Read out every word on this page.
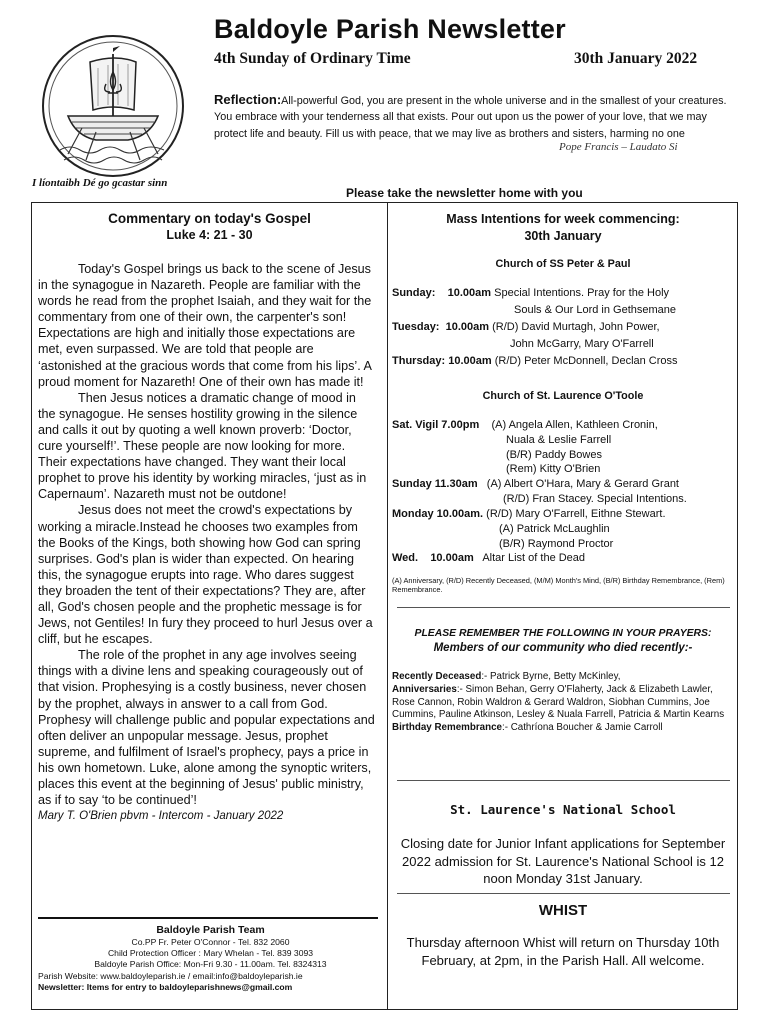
I líontaibh Dé go gcastar sinn
Baldoyle Parish Newsletter
4th Sunday of Ordinary Time	30th January 2022
Reflection:All-powerful God, you are present in the whole universe and in the smallest of your creatures. You embrace with your tenderness all that exists. Pour out upon us the power of your love, that we may protect life and beauty. Fill us with peace, that we may live as brothers and sisters, harming no one
Pope Francis – Laudato Si
Please take the newsletter home with you
Commentary on today's Gospel
Luke 4: 21 - 30

Today's Gospel brings us back to the scene of Jesus in the synagogue in Nazareth. People are familiar with the words he read from the prophet Isaiah, and they wait for the commentary from one of their own, the carpenter's son! Expectations are high and initially those expectations are met, even surpassed. We are told that people are ‘astonished at the gracious words that come from his lips’. A proud moment for Nazareth! One of their own has made it!

Then Jesus notices a dramatic change of mood in the synagogue. He senses hostility growing in the silence and calls it out by quoting a well known proverb: ‘Doctor, cure yourself!’. These people are now looking for more. Their expectations have changed. They want their local prophet to prove his identity by working miracles, ‘just as in Capernaum’. Nazareth must not be outdone!

Jesus does not meet the crowd's expectations by working a miracle.Instead he chooses two examples from the Books of the Kings, both showing how God can spring surprises. God's plan is wider than expected. On hearing this, the synagogue erupts into rage. Who dares suggest they broaden the tent of their expectations? They are, after all, God's chosen people and the prophetic message is for Jews, not Gentiles! In fury they proceed to hurl Jesus over a cliff, but he escapes.

The role of the prophet in any age involves seeing things with a divine lens and speaking courageously out of that vision. Prophesying is a costly business, never chosen by the prophet, always in answer to a call from God. Prophesy will challenge public and popular expectations and often deliver an unpopular message. Jesus, prophet supreme, and fulfilment of Israel's prophecy, pays a price in his own hometown. Luke, alone among the synoptic writers, places this event at the beginning of Jesus' public ministry, as if to say ‘to be continued’!

Mary T. O'Brien pbvm - Intercom - January 2022
Baldoyle Parish Team
Co.PP Fr. Peter O'Connor - Tel. 832 2060
Child Protection Officer : Mary Whelan - Tel. 839 3093
Baldoyle Parish Office: Mon-Fri 9.30 - 11.00am. Tel. 8324313
Parish Website: www.baldoyleparish.ie / email:info@baldoyleparish.ie
Newsletter: Items for entry to baldoyleparishnews@gmail.com
Mass Intentions for week commencing:
30th January
Church of SS Peter & Paul
Sunday: 10.00am Special Intentions. Pray for the Holy
Souls & Our Lord in Gethsemane
Tuesday: 10.00am (R/D) David Murtagh, John Power,
John McGarry, Mary O'Farrell
Thursday: 10.00am (R/D) Peter McDonnell, Declan Cross
Church of St. Laurence O'Toole
Sat. Vigil 7.00pm (A) Angela Allen, Kathleen Cronin,
Nuala & Leslie Farrell
(B/R) Paddy Bowes
(Rem) Kitty O'Brien
Sunday 11.30am (A) Albert O'Hara, Mary & Gerard Grant
(R/D) Fran Stacey. Special Intentions.
Monday 10.00am. (R/D) Mary O'Farrell, Eithne Stewart.
(A) Patrick McLaughlin
(B/R) Raymond Proctor
Wed. 10.00am Altar List of the Dead
(A) Anniversary, (R/D) Recently Deceased, (M/M) Month's Mind, (B/R) Birthday Remembrance, (Rem) Remembrance.
PLEASE REMEMBER THE FOLLOWING IN YOUR PRAYERS:
Members of our community who died recently:-
Recently Deceased:- Patrick Byrne, Betty McKinley,
Anniversaries:- Simon Behan, Gerry O'Flaherty, Jack & Elizabeth Lawler, Rose Cannon, Robin Waldron & Gerard Waldron, Siobhan Cummins, Joe Cummins, Pauline Atkinson, Lesley & Nuala Farrell, Patricia & Martin Kearns
Birthday Remembrance:- Cathríona Boucher & Jamie Carroll
St. Laurence's National School
Closing date for Junior Infant applications for September 2022 admission for St. Laurence's National School is 12 noon Monday 31st January.
WHIST
Thursday afternoon Whist will return on Thursday 10th February, at 2pm, in the Parish Hall. All welcome.
